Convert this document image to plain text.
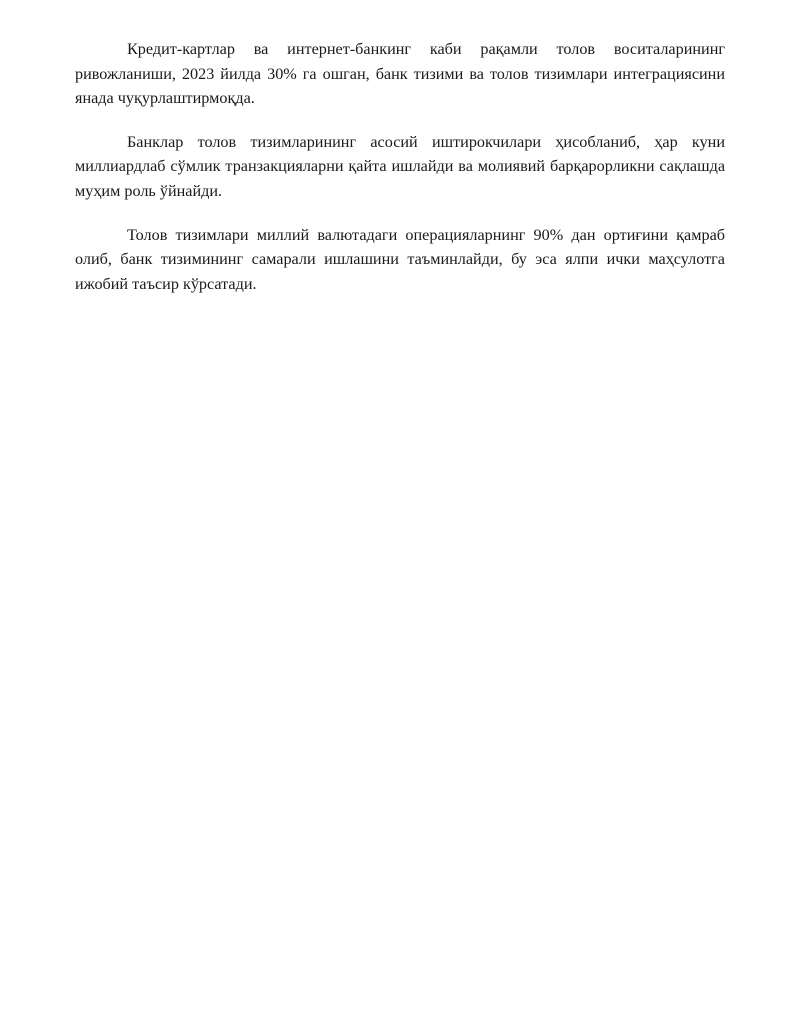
Кредит-картлар ва интернет-банкинг каби рақамли толов воситаларининг ривожланиши, 2023 йилда 30% га ошган, банк тизими ва толов тизимлари интеграциясини янада чуқурлаштирмоқда.

Банклар толов тизимларининг асосий иштирокчилари ҳисобланиб, ҳар куни миллиардлаб сўмлик транзакцияларни қайта ишлайди ва молиявий барқарорликни сақлашда муҳим роль ўйнайди.

Толов тизимлари миллий валютадаги операцияларнинг 90% дан ортиғини қамраб олиб, банк тизимининг самарали ишлашини таъминлайди, бу эса ялпи ички маҳсулотга ижобий таъсир кўрсатади.
